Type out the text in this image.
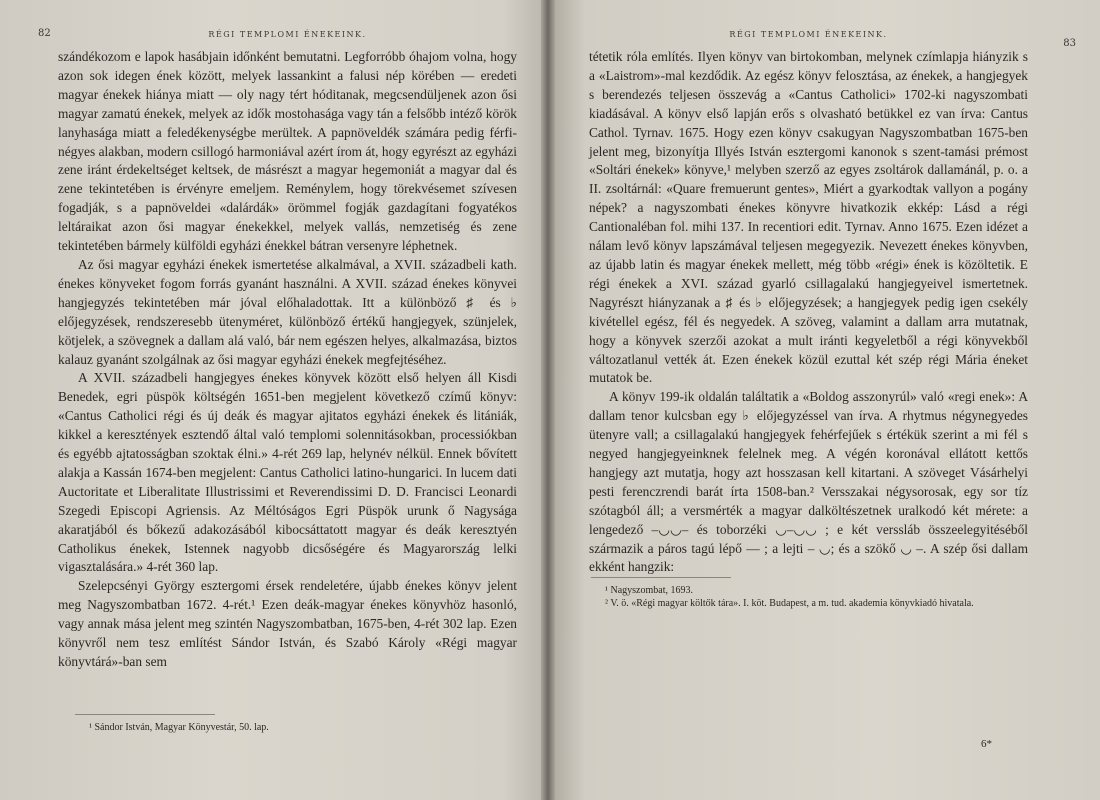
82	RÉGI TEMPLOMI ÉNEKEINK.

szándékozom e lapok hasábjain időnként bemutatni. Legforróbb óhajom volna, hogy azon sok idegen ének között, melyek lassankint a falusi nép körében — eredeti magyar énekek hiánya miatt — oly nagy tért hóditanak, megcsendüljenek azon ősi magyar zamatú énekek, melyek az idők mostohasága vagy tán a felsőbb intéző körök lanyhasága miatt a feledékenységbe merültek. A papnöveldék számára pedig férfi-négyes alakban, modern csillogó harmoniával azért írom át, hogy egyrészt az egyházi zene iránt érdekeltséget keltsek, de másrészt a magyar hegemoniát a magyar dal és zene tekintetében is érvényre emeljem. Reménylem, hogy törekvésemet szívesen fogadják, s a papnöveldei «dalárdák» örömmel fogják gazdagítani fogyatékos leltáraikat azon ősi magyar énekekkel, melyek vallás, nemzetiség és zene tekintetében bármely külföldi egyházi énekkel bátran versenyre léphetnek.

Az ősi magyar egyházi énekek ismertetése alkalmával, a XVII. századbeli kath. énekes könyveket fogom forrás gyanánt használni. A XVII. század énekes könyvei hangjegyzés tekintetében már jóval előhaladottak. Itt a különböző ♯ és ♭ előjegyzések, rendszeresebb ütenyméret, különböző értékű hangjegyek, szünjelek, kötjelek, a szövegnek a dallam alá való, bár nem egészen helyes, alkalmazása, biztos kalauz gyanánt szolgálnak az ősi magyar egyházi énekek megfejtéséhez.

A XVII. századbeli hangjegyes énekes könyvek között első helyen áll Kisdi Benedek, egri püspök költségén 1651-ben megjelent következő czímű könyv: «Cantus Catholici régi és új deák és magyar ajitatos egyházi énekek és litániák, kikkel a keresztények esztendő által való templomi solennitásokban, processiókban és egyébb ajtatosságban szoktak élni.» 4-rét 269 lap, helynév nélkül. Ennek bővített alakja a Kassán 1674-ben megjelent: Cantus Catholici latino-hungarici. In lucem dati Auctoritate et Liberalitate Illustrissimi et Reverendissimi D. D. Francisci Leonardi Szegedi Episcopi Agriensis. Az Méltóságos Egri Püspök urunk ő Nagysága akaratjából és bőkezű adakozásából kibocsáttatott magyar és deák keresztyén Catholikus énekek, Istennek nagyobb dicsőségére és Magyarország lelki vigasztalására.» 4-rét 360 lap.

Szelepcsényi György esztergomi érsek rendeletére, újabb énekes könyv jelent meg Nagyszombatban 1672. 4-rét.¹ Ezen deák-magyar énekes könyvhöz hasonló, vagy annak mása jelent meg szintén Nagyszombatban, 1675-ben, 4-rét 302 lap. Ezen könyvről nem tesz említést Sándor István, és Szabó Károly «Régi magyar könyvtárá»-ban sem

¹ Sándor István, Magyar Könyvestár, 50. lap.

RÉGI TEMPLOMI ÉNEKEINK.
83

tétetik róla említés. Ilyen könyv van birtokomban, melynek czímlapja hiányzik s a «Laistrom»-mal kezdődik. Az egész könyv felosztása, az énekek, a hangjegyek s berendezés teljesen összevág a «Cantus Catholici» 1702-ki nagyszombati kiadásával. A könyv első lapján erős s olvasható betükkel ez van írva: Cantus Cathol. Tyrnav. 1675. Hogy ezen könyv csakugyan Nagyszombatban 1675-ben jelent meg, bizonyítja Illyés István esztergomi kanonok s szent-tamási prémost «Soltári énekek» könyve,¹ melyben szerző az egyes zsoltárok dallamánál, p. o. a II. zsoltárnál: «Quare fremuerunt gentes», Miért a gyarkodtak vallyon a pogány népek? a nagyszombati énekes könyvre hivatkozik ekkép: Lásd a régi Cantionaléban fol. mihi 137. In recentiori edit. Tyrnav. Anno 1675. Ezen idézet a nálam levő könyv lapszámával teljesen megegyezik. Nevezett énekes könyvben, az újabb latin és magyar énekek mellett, még több «régi» ének is közöltetik. E régi énekek a XVI. század gyarló csillagalakú hangjegyeivel ismertetnek. Nagyrészt hiányzanak a ♯ és ♭ előjegyzések; a hangjegyek pedig igen csekély kivétellel egész, fél és negyedek. A szöveg, valamint a dallam arra mutatnak, hogy a könyvek szerzői azokat a mult iránti kegyeletből a régi könyvekből változatlanul vették át. Ezen énekek közül ezuttal két szép régi Mária éneket mutatok be.

A könyv 199-ik oldalán találtatik a «Boldog asszonyrúl» való «regi enek»: A dallam tenor kulcsban egy ♭ előjegyzéssel van írva. A rhytmus négynegyedes ütenyre vall; a csillagalakú hangjegyek fehérfejűek s értékük szerint a mi fél s negyed hangjegyeinknek felelnek meg. A végén koronával ellátott kettős hangjegy azt mutatja, hogy azt hosszasan kell kitartani. A szöveget Vásárhelyi pesti ferenczrendi barát írta 1508-ban.² Versszakai négysorosak, egy sor tíz szótagból áll; a versmérték a magyar dalköltészetnek uralkodó két mérete: a lengedező –◡◡– és toborzéki ◡–◡◡ ; e két verssláb összeelegyitéséből származik a páros tagú lépő –– ; a lejti – ◡; és a szökő ◡ –. A szép ősi dallam ekként hangzik:

¹ Nagyszombat, 1693.

² V. ö. «Régi magyar költők tára». I. köt. Budapest, a m. tud. akademia könyvkiadó hivatala.

6*
